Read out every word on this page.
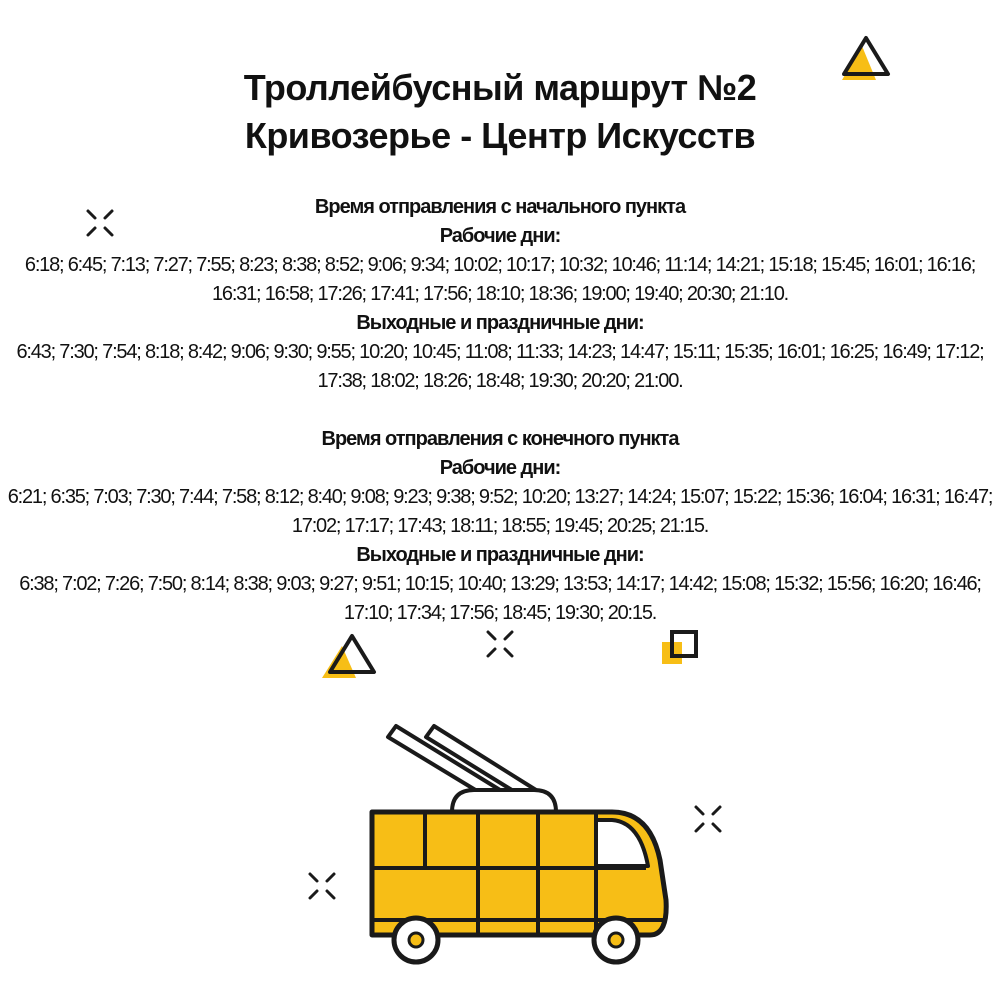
Троллейбусный маршрут №2
Кривозерье - Центр Искусств
Время отправления с начального пункта
Рабочие дни:
6:18; 6:45; 7:13; 7:27; 7:55; 8:23; 8:38; 8:52; 9:06; 9:34; 10:02; 10:17; 10:32; 10:46; 11:14; 14:21; 15:18; 15:45; 16:01; 16:16; 16:31; 16:58; 17:26; 17:41; 17:56; 18:10; 18:36; 19:00; 19:40; 20:30; 21:10.
Выходные и праздничные дни:
6:43; 7:30; 7:54; 8:18; 8:42; 9:06; 9:30; 9:55; 10:20; 10:45; 11:08; 11:33; 14:23; 14:47; 15:11; 15:35; 16:01; 16:25; 16:49; 17:12; 17:38; 18:02; 18:26; 18:48; 19:30; 20:20; 21:00.
Время отправления с конечного пункта
Рабочие дни:
6:21; 6:35; 7:03; 7:30; 7:44; 7:58; 8:12; 8:40; 9:08; 9:23; 9:38; 9:52; 10:20; 13:27; 14:24; 15:07; 15:22; 15:36; 16:04; 16:31; 16:47; 17:02; 17:17; 17:43; 18:11; 18:55; 19:45; 20:25; 21:15.
Выходные и праздничные дни:
6:38; 7:02; 7:26; 7:50; 8:14; 8:38; 9:03; 9:27; 9:51; 10:15; 10:40; 13:29; 13:53; 14:17; 14:42; 15:08; 15:32; 15:56; 16:20; 16:46; 17:10; 17:34; 17:56; 18:45; 19:30; 20:15.
